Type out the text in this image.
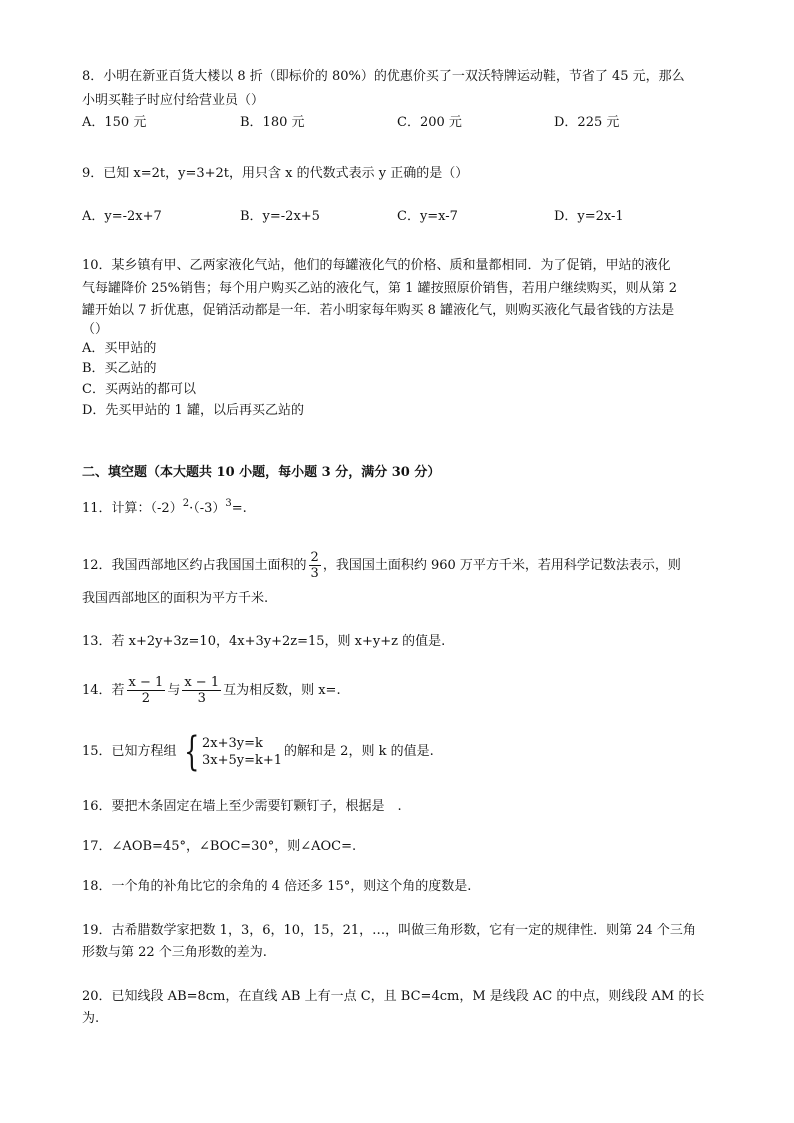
8．小明在新亚百货大楼以 8 折（即标价的 80%）的优惠价买了一双沃特牌运动鞋，节省了 45 元，那么
小明买鞋子时应付给营业员（）
A．150 元	B．180 元	C．200 元	D．225 元
9．已知 x=2t，y=3+2t，用只含 x 的代数式表示 y 正确的是（）
A．y=-2x+7	B．y=-2x+5	C．y=x-7	D．y=2x-1
10．某乡镇有甲、乙两家液化气站，他们的每罐液化气的价格、质和量都相同．为了促销，甲站的液化
气每罐降价 25%销售；每个用户购买乙站的液化气，第 1 罐按照原价销售，若用户继续购买，则从第 2
罐开始以 7 折优惠，促销活动都是一年．若小明家每年购买 8 罐液化气，则购买液化气最省钱的方法是
（）
A．买甲站的
B．买乙站的
C．买两站的都可以
D．先买甲站的 1 罐，以后再买乙站的
二、填空题（本大题共 10 小题，每小题 3 分，满分 30 分）
11．计算：$(-2)^2\cdot(-3)^3=$.
12．我国西部地区约占我国国土面积的 $\frac{2}{3}$ ，我国国土面积约 960 万平方千米，若用科学记数法表示，则
我国西部地区的面积为平方千米.
13．若 x+2y+3z=10，4x+3y+2z=15，则 x+y+z 的值是.
14．若 $\frac{x - 1}{2}$ 与 $\frac{x - 1}{3}$ 互为相反数，则 x=.
15．已知方程组 { 2x+3y=k
3x+5y=k+1
的解和是 2，则 k 的值是.
16．要把木条固定在墙上至少需要钉颗钉子，根据是　.
17．∠AOB=45°，∠BOC=30°，则∠AOC=.
18．一个角的补角比它的余角的 4 倍还多 15°，则这个角的度数是.
19．古希腊数学家把数 1，3，6，10，15，21，…，叫做三角形数，它有一定的规律性．则第 24 个三角
形数与第 22 个三角形数的差为.
20．已知线段 AB=8cm，在直线 AB 上有一点 C，且 BC=4cm，M 是线段 AC 的中点，则线段 AM 的长
为.
